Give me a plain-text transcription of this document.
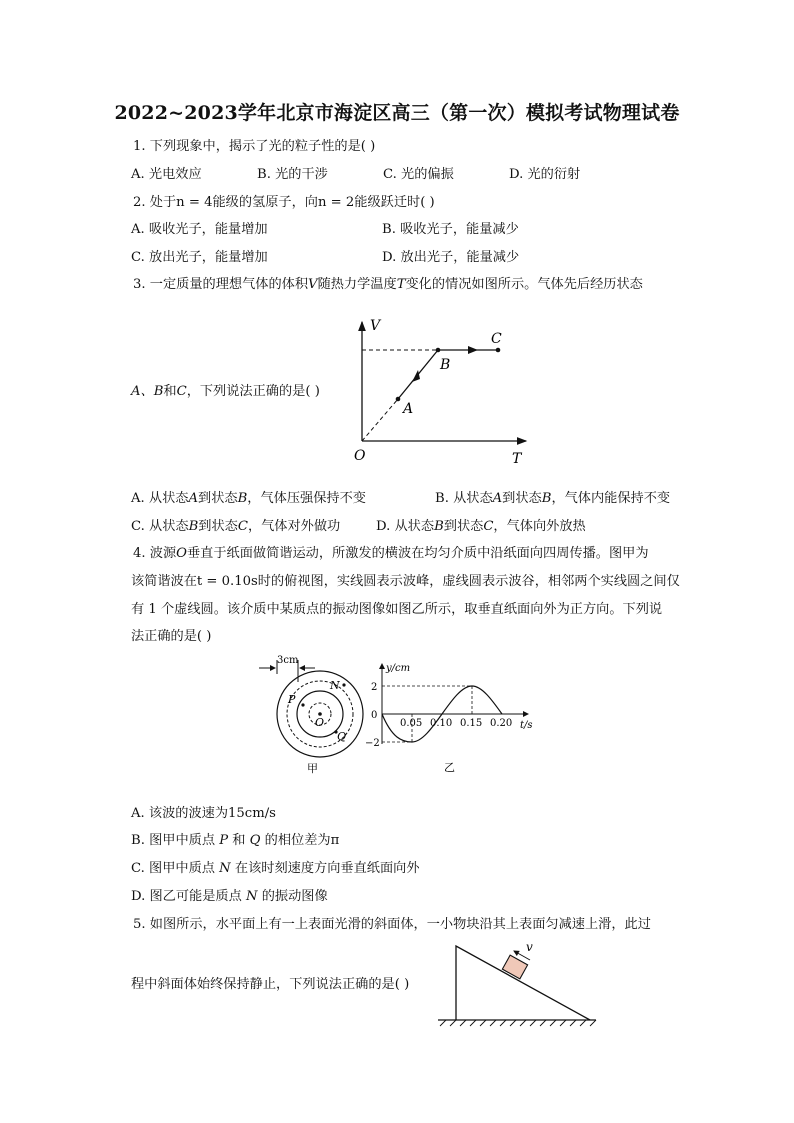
2022~2023学年北京市海淀区高三（第一次）模拟考试物理试卷
1. 下列现象中，揭示了光的粒子性的是( )
A. 光电效应	B. 光的干涉	C. 光的偏振	D. 光的衍射
2. 处于n = 4能级的氢原子，向n = 2能级跃迁时( )
A. 吸收光子，能量增加	B. 吸收光子，能量减少
C. 放出光子，能量增加	D. 放出光子，能量减少
3. 一定质量的理想气体的体积V随热力学温度T变化的情况如图所示。气体先后经历状态
A、B和C，下列说法正确的是( )
V
T
O
A
B
C
A. 从状态A到状态B，气体压强保持不变	B. 从状态A到状态B，气体内能保持不变
C. 从状态B到状态C，气体对外做功	D. 从状态B到状态C，气体向外放热
4. 波源O垂直于纸面做简谐运动，所激发的横波在均匀介质中沿纸面向四周传播。图甲为
该简谐波在t = 0.10s时的俯视图，实线圆表示波峰，虚线圆表示波谷，相邻两个实线圆之间仅
有 1 个虚线圆。该介质中某质点的振动图像如图乙所示，取垂直纸面向外为正方向。下列说
法正确的是( )
3cm
N
P
O
Q
甲
y/cm
2
0
−2
0.05 0.10 0.15 0.20 t/s
乙
A. 该波的波速为15cm/s
B. 图甲中质点 P 和 Q 的相位差为π
C. 图甲中质点 N 在该时刻速度方向垂直纸面向外
D. 图乙可能是质点 N 的振动图像
5. 如图所示，水平面上有一上表面光滑的斜面体，一小物块沿其上表面匀减速上滑，此过
程中斜面体始终保持静止，下列说法正确的是( )
v
